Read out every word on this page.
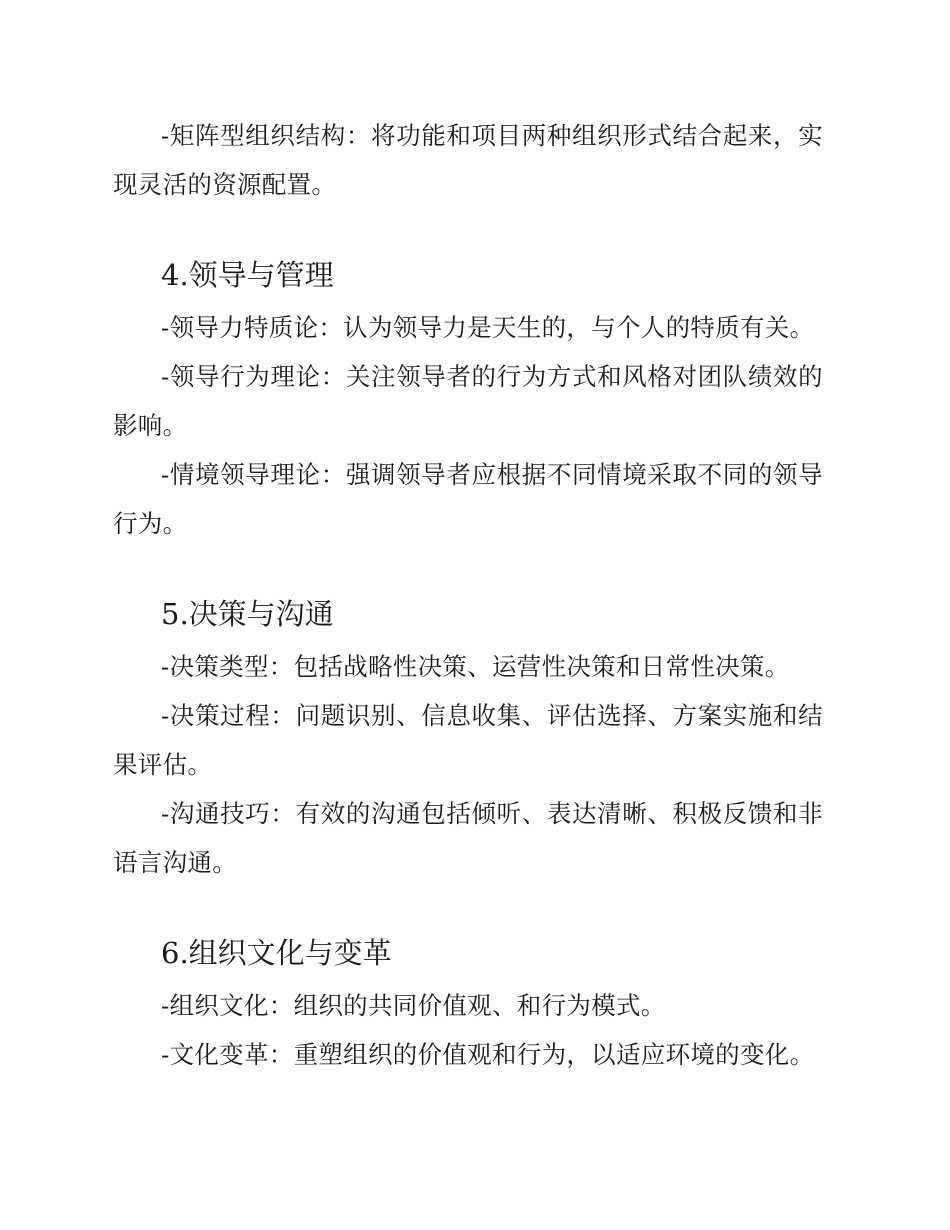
-矩阵型组织结构：将功能和项目两种组织形式结合起来，实现灵活的资源配置。

4.领导与管理

-领导力特质论：认为领导力是天生的，与个人的特质有关。

-领导行为理论：关注领导者的行为方式和风格对团队绩效的影响。

-情境领导理论：强调领导者应根据不同情境采取不同的领导行为。

5.决策与沟通

-决策类型：包括战略性决策、运营性决策和日常性决策。

-决策过程：问题识别、信息收集、评估选择、方案实施和结果评估。

-沟通技巧：有效的沟通包括倾听、表达清晰、积极反馈和非语言沟通。

6.组织文化与变革

-组织文化：组织的共同价值观、和行为模式。

-文化变革：重塑组织的价值观和行为，以适应环境的变化。
